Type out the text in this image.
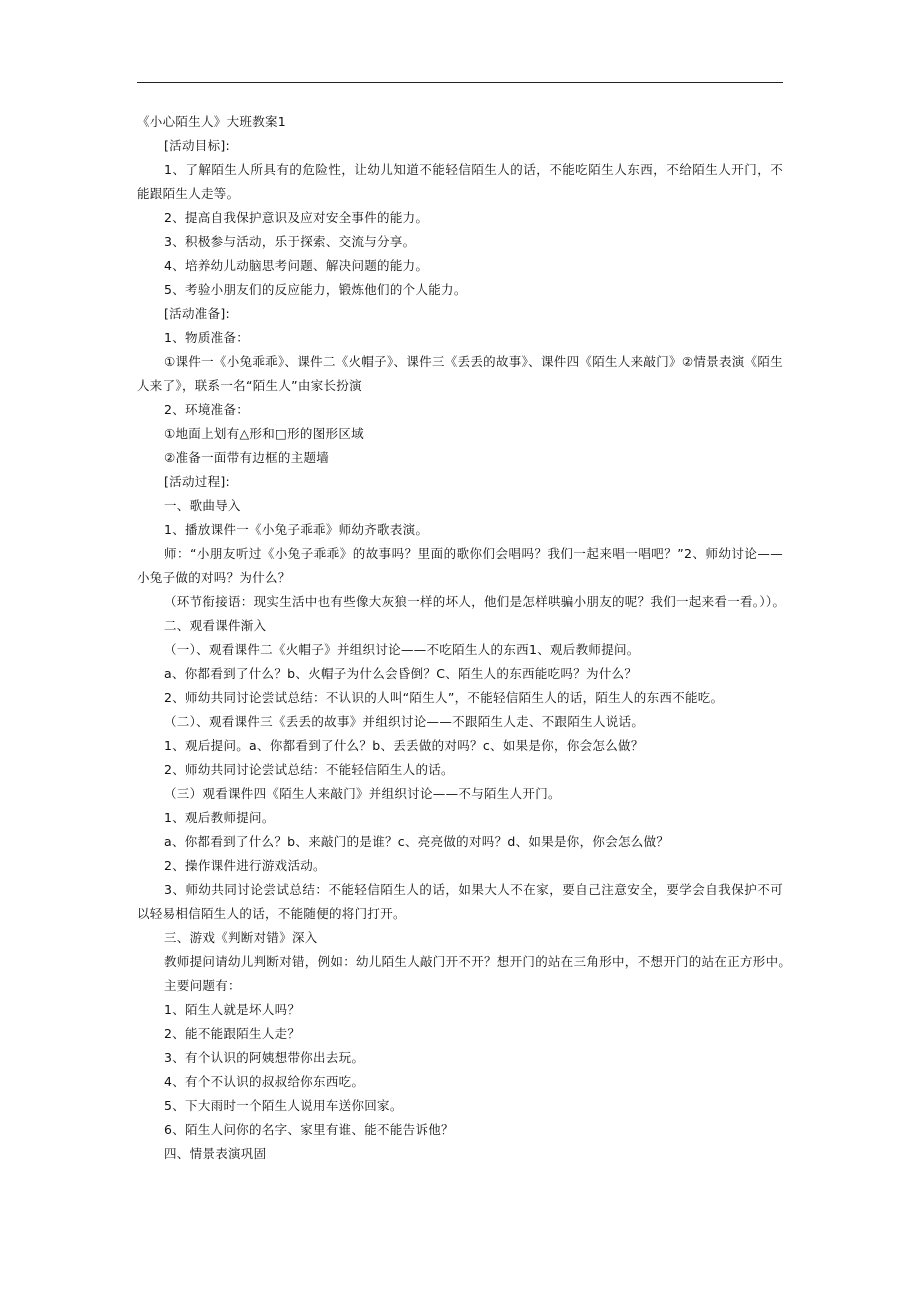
《小心陌生人》大班教案1
[活动目标]:
1、了解陌生人所具有的危险性，让幼儿知道不能轻信陌生人的话，不能吃陌生人东西，不给陌生人开门，不能跟陌生人走等。
2、提高自我保护意识及应对安全事件的能力。
3、积极参与活动，乐于探索、交流与分享。
4、培养幼儿动脑思考问题、解决问题的能力。
5、考验小朋友们的反应能力，锻炼他们的个人能力。
[活动准备]:
1、物质准备：
①课件一《小兔乖乖》、课件二《火帽子》、课件三《丢丢的故事》、课件四《陌生人来敲门》②情景表演《陌生人来了》，联系一名“陌生人”由家长扮演
2、环境准备：
①地面上划有△形和□形的图形区域
②准备一面带有边框的主题墙
[活动过程]:
一、歌曲导入
1、播放课件一《小兔子乖乖》师幼齐歌表演。
师：“小朋友听过《小兔子乖乖》的故事吗？里面的歌你们会唱吗？我们一起来唱一唱吧？”2、师幼讨论——小兔子做的对吗？为什么？
（环节衔接语：现实生活中也有些像大灰狼一样的坏人，他们是怎样哄骗小朋友的呢？我们一起来看一看。））。
二、观看课件渐入
（一）、观看课件二《火帽子》并组织讨论——不吃陌生人的东西1、观后教师提问。
a、你都看到了什么？b、火帽子为什么会昏倒？C、陌生人的东西能吃吗？为什么？
2、师幼共同讨论尝试总结：不认识的人叫“陌生人”，不能轻信陌生人的话，陌生人的东西不能吃。
（二）、观看课件三《丢丢的故事》并组织讨论——不跟陌生人走、不跟陌生人说话。
1、观后提问。a、你都看到了什么？b、丢丢做的对吗？c、如果是你，你会怎么做？
2、师幼共同讨论尝试总结：不能轻信陌生人的话。
（三）观看课件四《陌生人来敲门》并组织讨论——不与陌生人开门。
1、观后教师提问。
a、你都看到了什么？b、来敲门的是谁？c、亮亮做的对吗？d、如果是你，你会怎么做？
2、操作课件进行游戏活动。
3、师幼共同讨论尝试总结：不能轻信陌生人的话，如果大人不在家，要自己注意安全，要学会自我保护不可以轻易相信陌生人的话，不能随便的将门打开。
三、游戏《判断对错》深入
教师提问请幼儿判断对错，例如：幼儿陌生人敲门开不开？想开门的站在三角形中，不想开门的站在正方形中。
主要问题有：
1、陌生人就是坏人吗？
2、能不能跟陌生人走？
3、有个认识的阿姨想带你出去玩。
4、有个不认识的叔叔给你东西吃。
5、下大雨时一个陌生人说用车送你回家。
6、陌生人问你的名字、家里有谁、能不能告诉他？
四、情景表演巩固
